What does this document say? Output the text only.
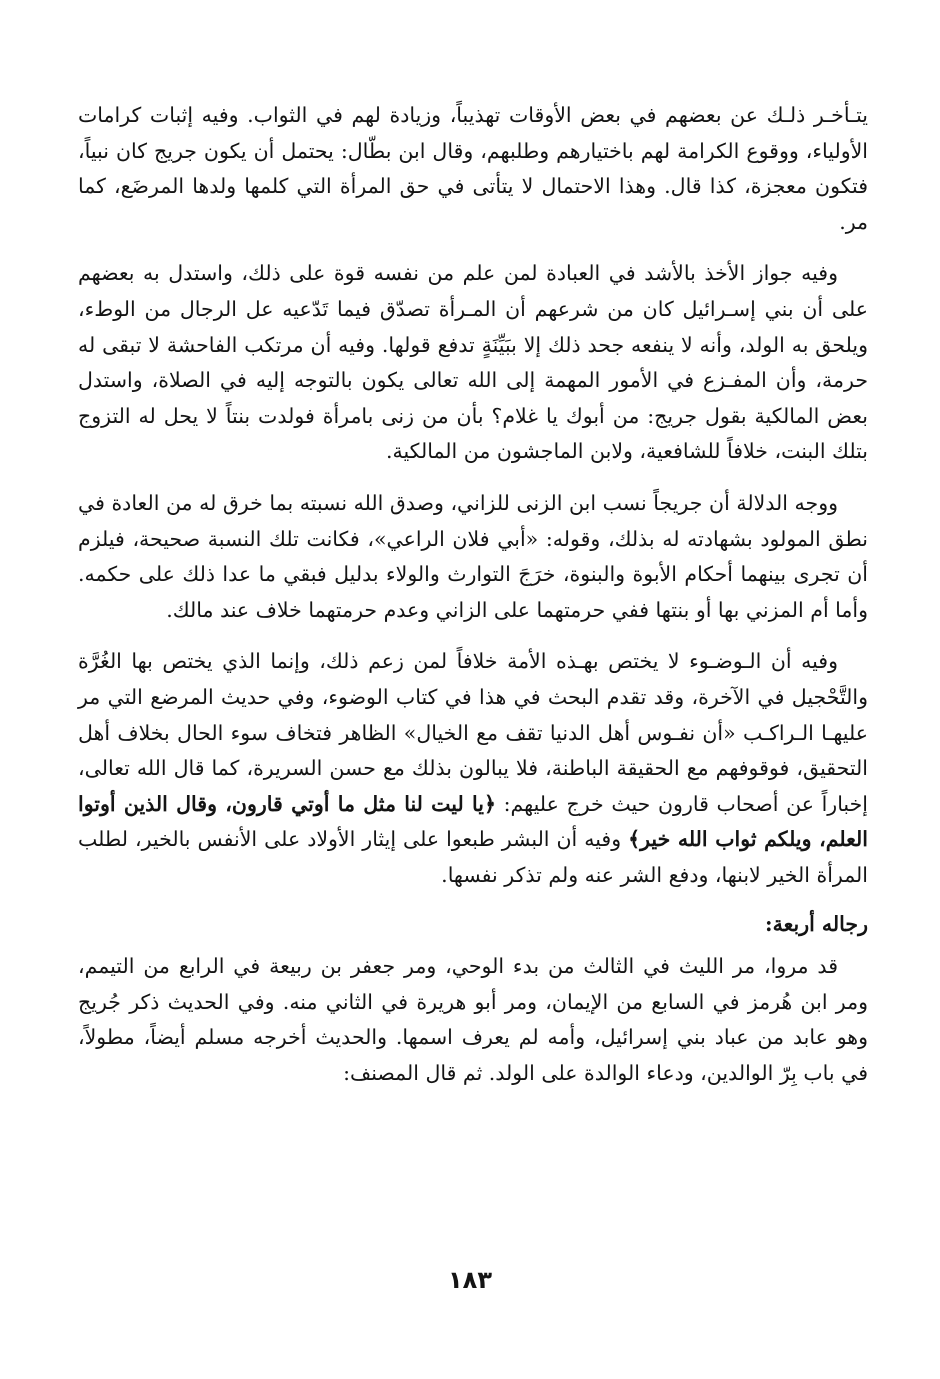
يتـأخـر ذلـك عن بعضهم في بعض الأوقات تهذيباً، وزيادة لهم في الثواب. وفيه إثبات كرامات الأولياء، ووقوع الكرامة لهم باختيارهم وطلبهم، وقال ابن بطّال: يحتمل أن يكون جريج كان نبياً، فتكون معجزة، كذا قال. وهذا الاحتمال لا يتأتى في حق المرأة التي كلمها ولدها المرضَع، كما مر.

وفيه جواز الأخذ بالأشد في العبادة لمن علم من نفسه قوة على ذلك، واستدل به بعضهم على أن بني إسـرائيل كان من شرعهم أن المـرأة تصدّق فيما تَدّعيه عل الرجال من الوطء، ويلحق به الولد، وأنه لا ينفعه جحد ذلك إلا ببَيِّنَةٍ تدفع قولها. وفيه أن مرتكب الفاحشة لا تبقى له حرمة، وأن المفـزع في الأمور المهمة إلى الله تعالى يكون بالتوجه إليه في الصلاة، واستدل بعض المالكية بقول جريج: من أبوك يا غلام؟ بأن من زنى بامرأة فولدت بنتاً لا يحل له التزوج بتلك البنت، خلافاً للشافعية، ولابن الماجشون من المالكية.

ووجه الدلالة أن جريجاً نسب ابن الزنى للزاني، وصدق الله نسبته بما خرق له من العادة في نطق المولود بشهادته له بذلك، وقوله: «أبي فلان الراعي»، فكانت تلك النسبة صحيحة، فيلزم أن تجرى بينهما أحكام الأبوة والبنوة، خرَجَ التوارث والولاء بدليل فبقي ما عدا ذلك على حكمه. وأما أم المزني بها أو بنتها ففي حرمتهما على الزاني وعدم حرمتهما خلاف عند مالك.

وفيه أن الـوضـوء لا يختص بهـذه الأمة خلافاً لمن زعم ذلك، وإنما الذي يختص بها الغُرَّة والتَّحْجيل في الآخرة، وقد تقدم البحث في هذا في كتاب الوضوء، وفي حديث المرضع التي مر عليهـا الـراكـب «أن نفـوس أهل الدنيا تقف مع الخيال» الظاهر فتخاف سوء الحال بخلاف أهل التحقيق، فوقوفهم مع الحقيقة الباطنة، فلا يبالون بذلك مع حسن السريرة، كما قال الله تعالى، إخباراً عن أصحاب قارون حيث خرج عليهم: ﴿يا ليت لنا مثل ما أوتي قارون، وقال الذين أوتوا العلم، ويلكم ثواب الله خير﴾ وفيه أن البشر طبعوا على إيثار الأولاد على الأنفس بالخير، لطلب المرأة الخير لابنها، ودفع الشر عنه ولم تذكر نفسها.

رجاله أربعة:

قد مروا، مر الليث في الثالث من بدء الوحي، ومر جعفر بن ربيعة في الرابع من التيمم، ومر ابن هُرمز في السابع من الإيمان، ومر أبو هريرة في الثاني منه. وفي الحديث ذكر جُريج وهو عابد من عباد بني إسرائيل، وأمه لم يعرف اسمها. والحديث أخرجه مسلم أيضاً، مطولاً، في باب بِرّ الوالدين، ودعاء الوالدة على الولد. ثم قال المصنف:

١٨٣
